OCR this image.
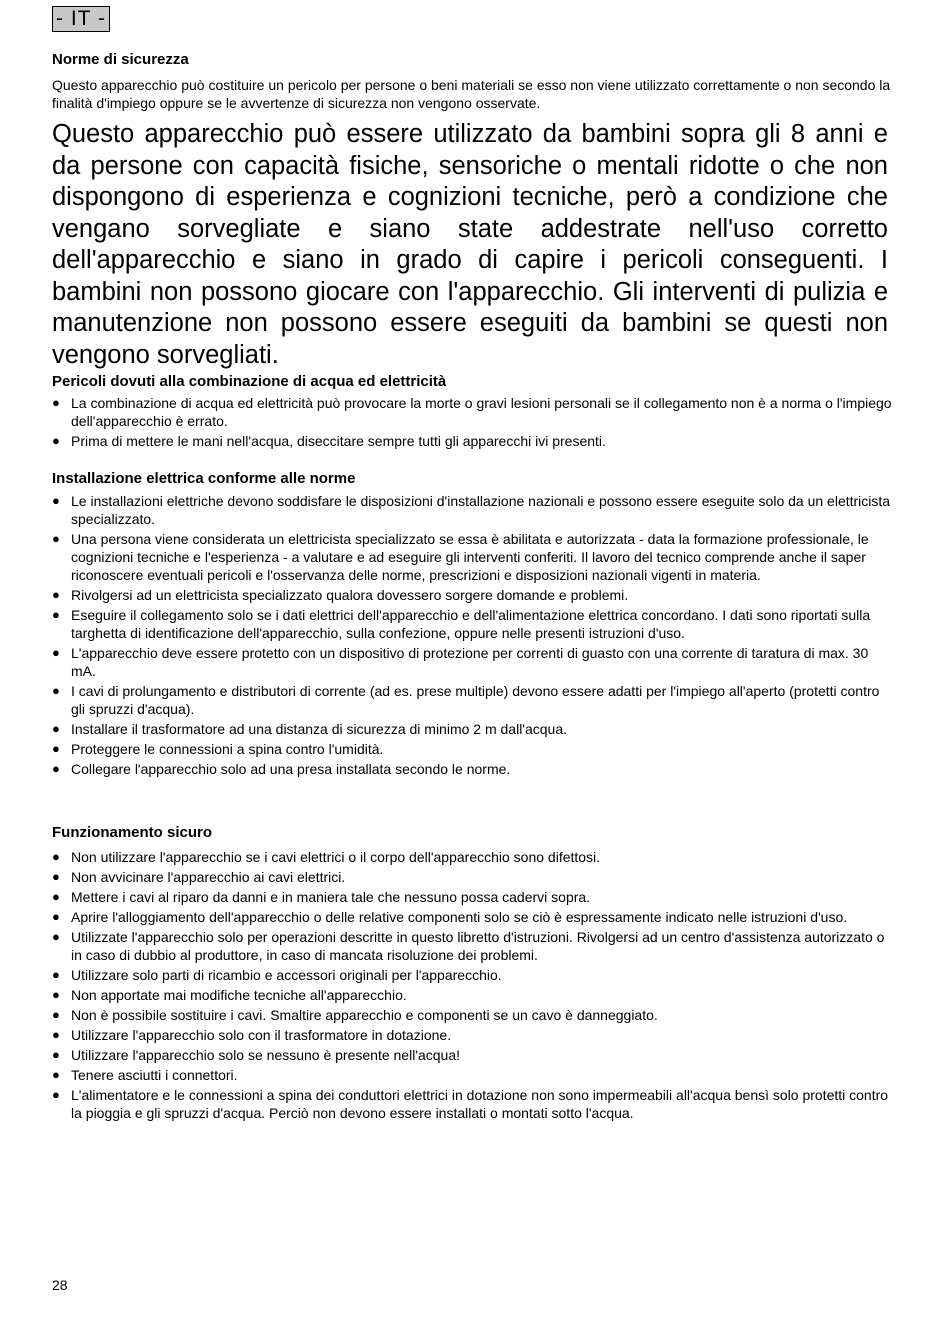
- IT -
Norme di sicurezza

Questo apparecchio può costituire un pericolo per persone o beni materiali se esso non viene utilizzato correttamente o non secondo la finalità d'impiego oppure se le avvertenze di sicurezza non vengono osservate.

Questo apparecchio può essere utilizzato da bambini sopra gli 8 anni e da persone con capacità fisiche, sensoriche o mentali ridotte o che non dispongono di esperienza e cognizioni tecniche, però a condizione che vengano sorvegliate e siano state addestrate nell'uso corretto dell'apparecchio e siano in grado di capire i pericoli conseguenti. I bambini non possono giocare con l'apparecchio. Gli interventi di pulizia e manutenzione non possono essere eseguiti da bambini se questi non vengono sorvegliati.

Pericoli dovuti alla combinazione di acqua ed elettricità
● La combinazione di acqua ed elettricità può provocare la morte o gravi lesioni personali se il collegamento non è a norma o l'impiego dell'apparecchio è errato.
● Prima di mettere le mani nell'acqua, diseccitare sempre tutti gli apparecchi ivi presenti.
Installazione elettrica conforme alle norme
● Le installazioni elettriche devono soddisfare le disposizioni d'installazione nazionali e possono essere eseguite solo da un elettricista specializzato.
● Una persona viene considerata un elettricista specializzato se essa è abilitata e autorizzata - data la formazione professionale, le cognizioni tecniche e l'esperienza - a valutare e ad eseguire gli interventi conferiti. Il lavoro del tecnico comprende anche il saper riconoscere eventuali pericoli e l'osservanza delle norme, prescrizioni e disposizioni nazionali vigenti in materia.
● Rivolgersi ad un elettricista specializzato qualora dovessero sorgere domande e problemi.
● Eseguire il collegamento solo se i dati elettrici dell'apparecchio e dell'alimentazione elettrica concordano. I dati sono riportati sulla targhetta di identificazione dell'apparecchio, sulla confezione, oppure nelle presenti istruzioni d'uso.
● L'apparecchio deve essere protetto con un dispositivo di protezione per correnti di guasto con una corrente di taratura di max. 30 mA.
● I cavi di prolungamento e distributori di corrente (ad es. prese multiple) devono essere adatti per l'impiego all'aperto (protetti contro gli spruzzi d'acqua).
● Installare il trasformatore ad una distanza di sicurezza di minimo 2 m dall'acqua.
● Proteggere le connessioni a spina contro l'umidità.
● Collegare l'apparecchio solo ad una presa installata secondo le norme.
Funzionamento sicuro
● Non utilizzare l'apparecchio se i cavi elettrici o il corpo dell'apparecchio sono difettosi.
● Non avvicinare l'apparecchio ai cavi elettrici.
● Mettere i cavi al riparo da danni e in maniera tale che nessuno possa cadervi sopra.
● Aprire l'alloggiamento dell'apparecchio o delle relative componenti solo se ciò è espressamente indicato nelle istruzioni d'uso.
● Utilizzate l'apparecchio solo per operazioni descritte in questo libretto d'istruzioni. Rivolgersi ad un centro d'assistenza autorizzato o in caso di dubbio al produttore, in caso di mancata risoluzione dei problemi.
● Utilizzare solo parti di ricambio e accessori originali per l'apparecchio.
● Non apportate mai modifiche tecniche all'apparecchio.
● Non è possibile sostituire i cavi. Smaltire apparecchio e componenti se un cavo è danneggiato.
● Utilizzare l'apparecchio solo con il trasformatore in dotazione.
● Utilizzare l'apparecchio solo se nessuno è presente nell'acqua!
● Tenere asciutti i connettori.
● L'alimentatore e le connessioni a spina dei conduttori elettrici in dotazione non sono impermeabili all'acqua bensì solo protetti contro la pioggia e gli spruzzi d'acqua. Perciò non devono essere installati o montati sotto l'acqua.
28
